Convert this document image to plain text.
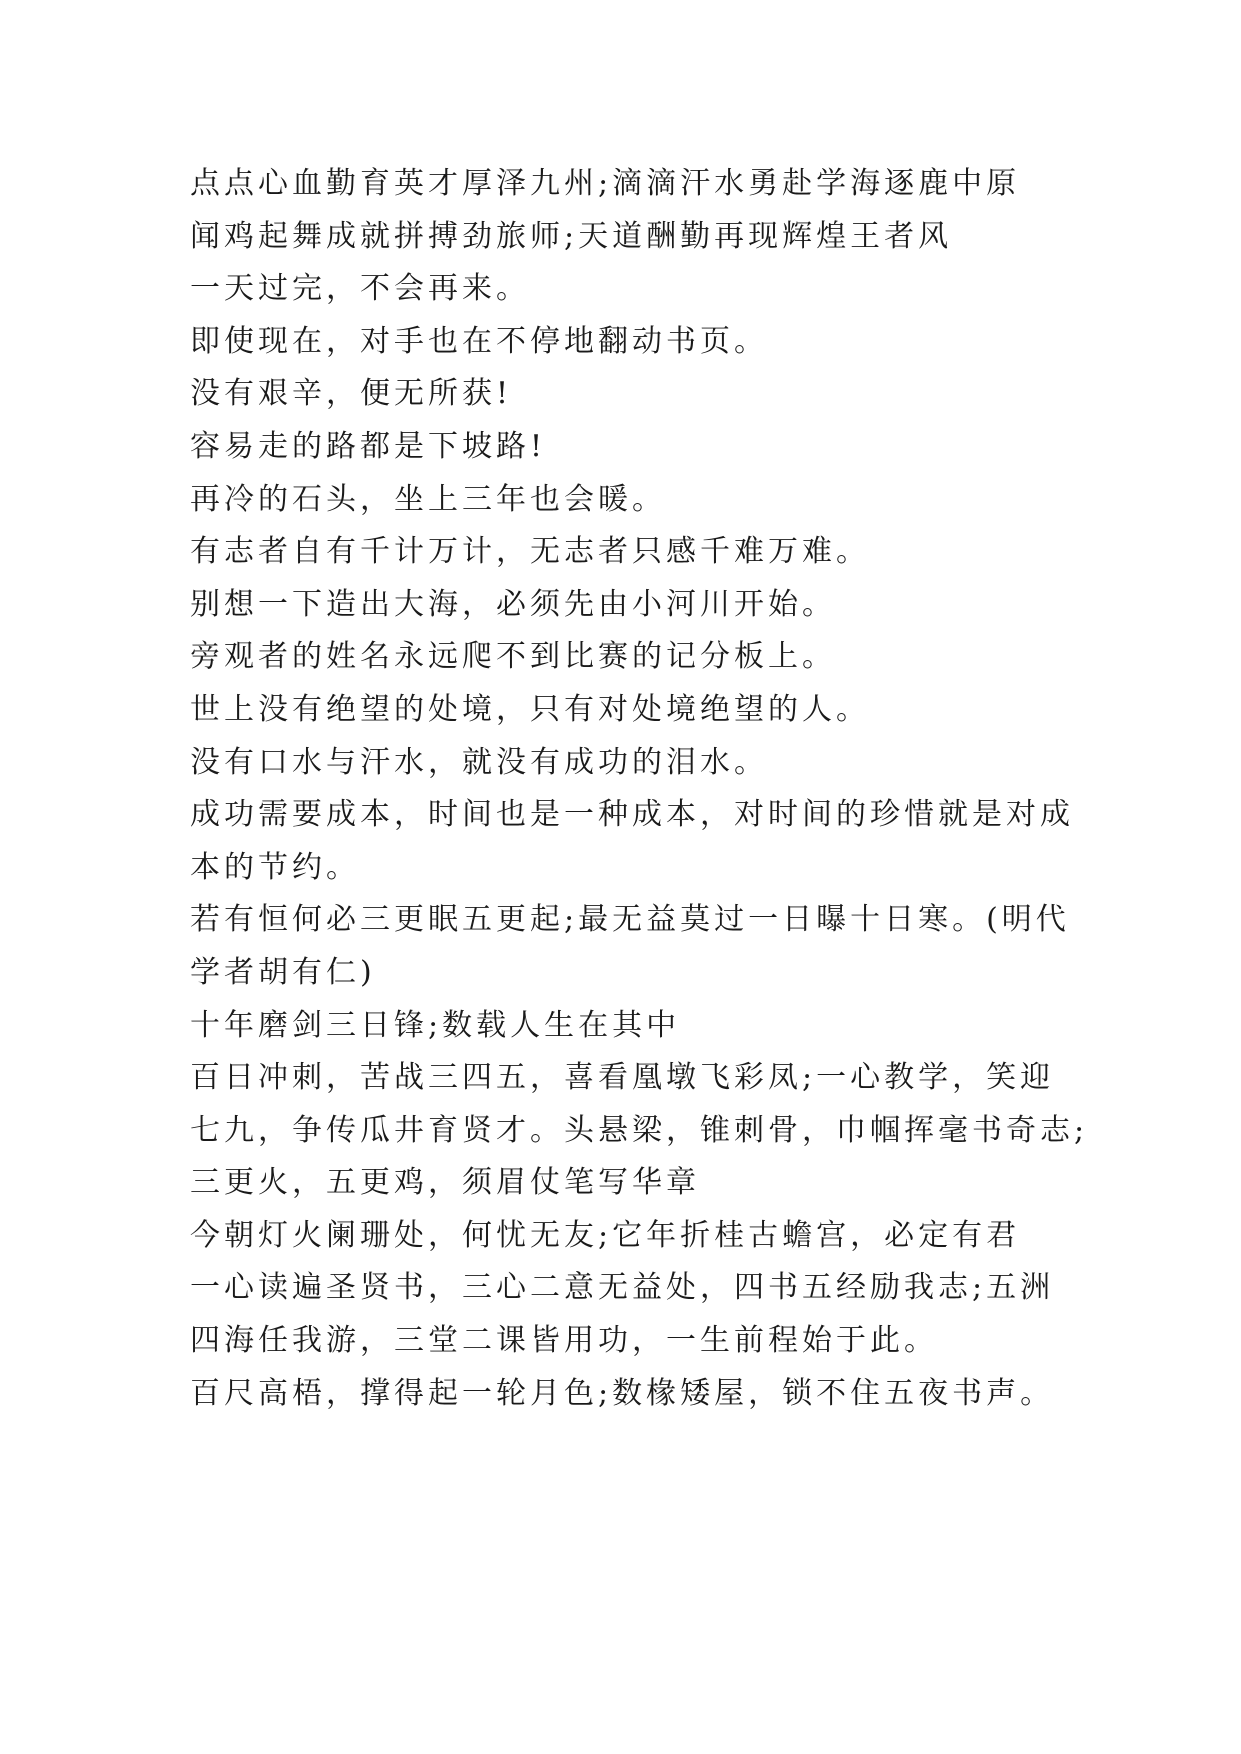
点点心血勤育英才厚泽九州;滴滴汗水勇赴学海逐鹿中原
闻鸡起舞成就拼搏劲旅师;天道酬勤再现辉煌王者风
一天过完，不会再来。
即使现在，对手也在不停地翻动书页。
没有艰辛，便无所获!
容易走的路都是下坡路!
再冷的石头，坐上三年也会暖。
有志者自有千计万计，无志者只感千难万难。
别想一下造出大海，必须先由小河川开始。
旁观者的姓名永远爬不到比赛的记分板上。
世上没有绝望的处境，只有对处境绝望的人。
没有口水与汗水，就没有成功的泪水。
成功需要成本，时间也是一种成本，对时间的珍惜就是对成
本的节约。
若有恒何必三更眠五更起;最无益莫过一日曝十日寒。(明代
学者胡有仁)
十年磨剑三日锋;数载人生在其中
百日冲刺，苦战三四五，喜看凰墩飞彩凤;一心教学，笑迎
七九，争传瓜井育贤才。头悬梁，锥刺骨，巾帼挥毫书奇志;
三更火，五更鸡，须眉仗笔写华章
今朝灯火阑珊处，何忧无友;它年折桂古蟾宫，必定有君
一心读遍圣贤书，三心二意无益处，四书五经励我志;五洲
四海任我游，三堂二课皆用功，一生前程始于此。
百尺高梧，撑得起一轮月色;数椽矮屋，锁不住五夜书声。
